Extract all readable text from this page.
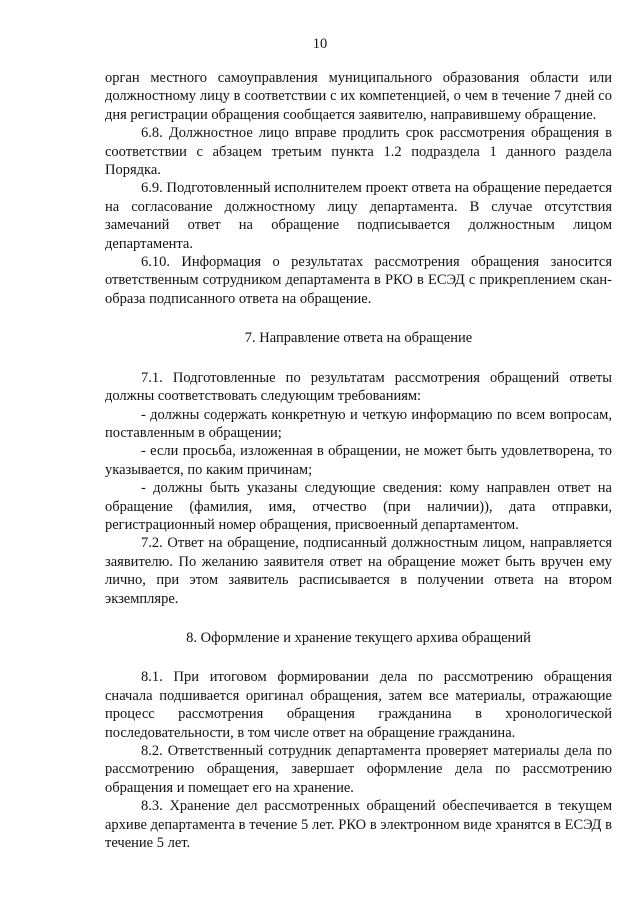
10

орган местного самоуправления муниципального образования области или должностному лицу в соответствии с их компетенцией, о чем в течение 7 дней со дня регистрации обращения сообщается заявителю, направившему обращение.

6.8. Должностное лицо вправе продлить срок рассмотрения обращения в соответствии с абзацем третьим пункта 1.2 подраздела 1 данного раздела Порядка.

6.9. Подготовленный исполнителем проект ответа на обращение передается на согласование должностному лицу департамента. В случае отсутствия замечаний ответ на обращение подписывается должностным лицом департамента.

6.10. Информация о результатах рассмотрения обращения заносится ответственным сотрудником департамента в РКО в ЕСЭД с прикреплением скан-образа подписанного ответа на обращение.

7. Направление ответа на обращение

7.1. Подготовленные по результатам рассмотрения обращений ответы должны соответствовать следующим требованиям:

- должны содержать конкретную и четкую информацию по всем вопросам, поставленным в обращении;

- если просьба, изложенная в обращении, не может быть удовлетворена, то указывается, по каким причинам;

- должны быть указаны следующие сведения: кому направлен ответ на обращение (фамилия, имя, отчество (при наличии)), дата отправки, регистрационный номер обращения, присвоенный департаментом.

7.2. Ответ на обращение, подписанный должностным лицом, направляется заявителю. По желанию заявителя ответ на обращение может быть вручен ему лично, при этом заявитель расписывается в получении ответа на втором экземпляре.

8. Оформление и хранение текущего архива обращений

8.1. При итоговом формировании дела по рассмотрению обращения сначала подшивается оригинал обращения, затем все материалы, отражающие процесс рассмотрения обращения гражданина в хронологической последовательности, в том числе ответ на обращение гражданина.

8.2. Ответственный сотрудник департамента проверяет материалы дела по рассмотрению обращения, завершает оформление дела по рассмотрению обращения и помещает его на хранение.

8.3. Хранение дел рассмотренных обращений обеспечивается в текущем архиве департамента в течение 5 лет. РКО в электронном виде хранятся в ЕСЭД в течение 5 лет.
